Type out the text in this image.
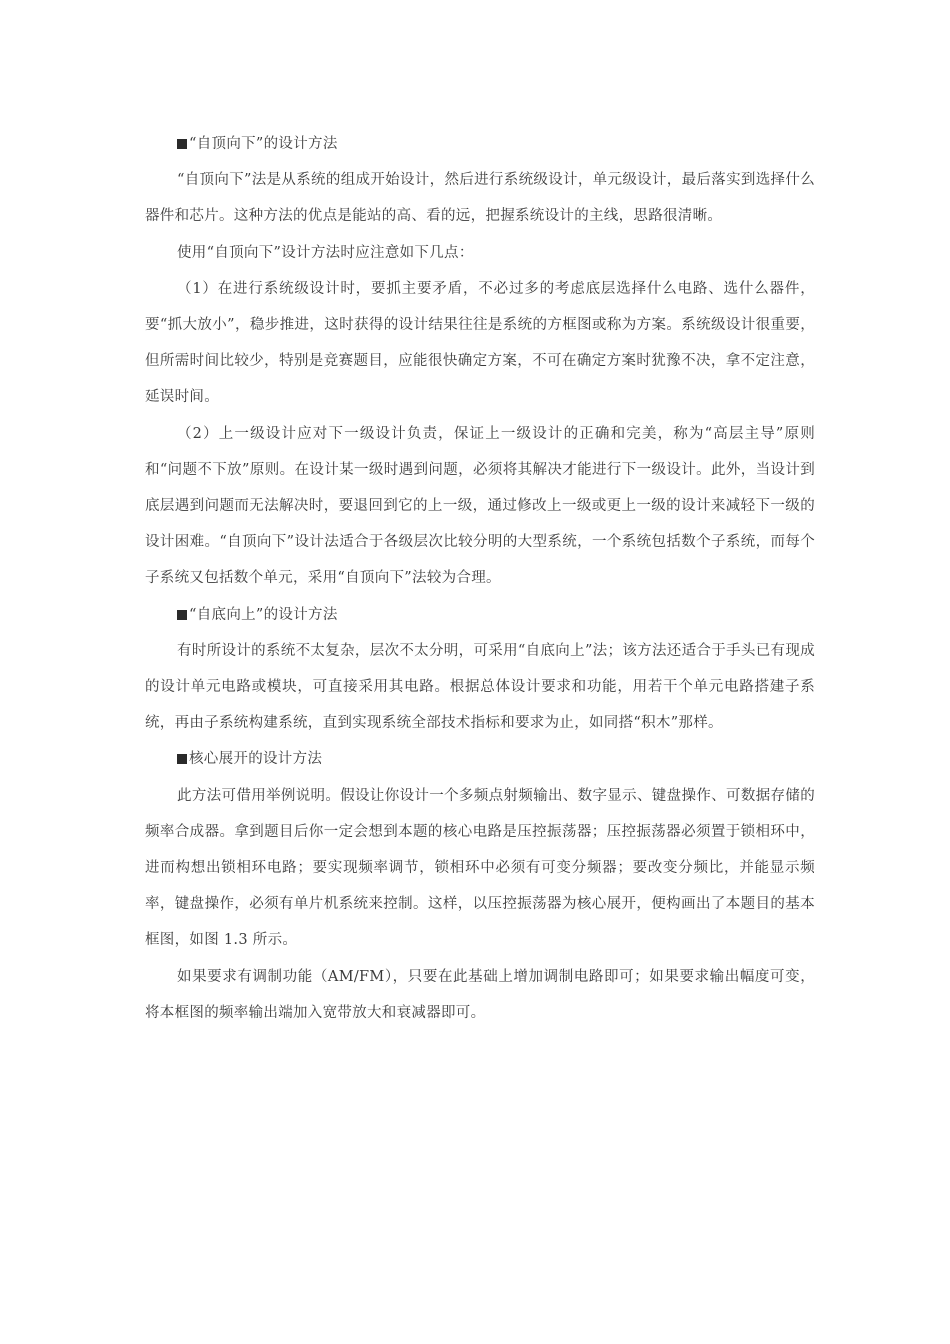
“自顶向下”的设计方法
“自顶向下”法是从系统的组成开始设计，然后进行系统级设计，单元级设计，最后落实到选择什么器件和芯片。这种方法的优点是能站的高、看的远，把握系统设计的主线，思路很清晰。
使用“自顶向下”设计方法时应注意如下几点：
（1）在进行系统级设计时，要抓主要矛盾，不必过多的考虑底层选择什么电路、选什么器件，要“抓大放小”，稳步推进，这时获得的设计结果往往是系统的方框图或称为方案。系统级设计很重要，但所需时间比较少，特别是竞赛题目，应能很快确定方案，不可在确定方案时犹豫不决，拿不定注意，延误时间。
（2）上一级设计应对下一级设计负责，保证上一级设计的正确和完美，称为“高层主导”原则和“问题不下放”原则。在设计某一级时遇到问题，必须将其解决才能进行下一级设计。此外，当设计到底层遇到问题而无法解决时，要退回到它的上一级，通过修改上一级或更上一级的设计来减轻下一级的设计困难。“自顶向下”设计法适合于各级层次比较分明的大型系统，一个系统包括数个子系统，而每个子系统又包括数个单元，采用“自顶向下”法较为合理。
“自底向上”的设计方法
有时所设计的系统不太复杂，层次不太分明，可采用“自底向上”法；该方法还适合于手头已有现成的设计单元电路或模块，可直接采用其电路。根据总体设计要求和功能，用若干个单元电路搭建子系统，再由子系统构建系统，直到实现系统全部技术指标和要求为止，如同搭“积木”那样。
核心展开的设计方法
此方法可借用举例说明。假设让你设计一个多频点射频输出、数字显示、键盘操作、可数据存储的频率合成器。拿到题目后你一定会想到本题的核心电路是压控振荡器；压控振荡器必须置于锁相环中，进而构想出锁相环电路；要实现频率调节，锁相环中必须有可变分频器；要改变分频比，并能显示频率，键盘操作，必须有单片机系统来控制。这样，以压控振荡器为核心展开，便构画出了本题目的基本框图，如图 1.3 所示。
如果要求有调制功能（AM/FM），只要在此基础上增加调制电路即可；如果要求输出幅度可变，将本框图的频率输出端加入宽带放大和衰减器即可。
